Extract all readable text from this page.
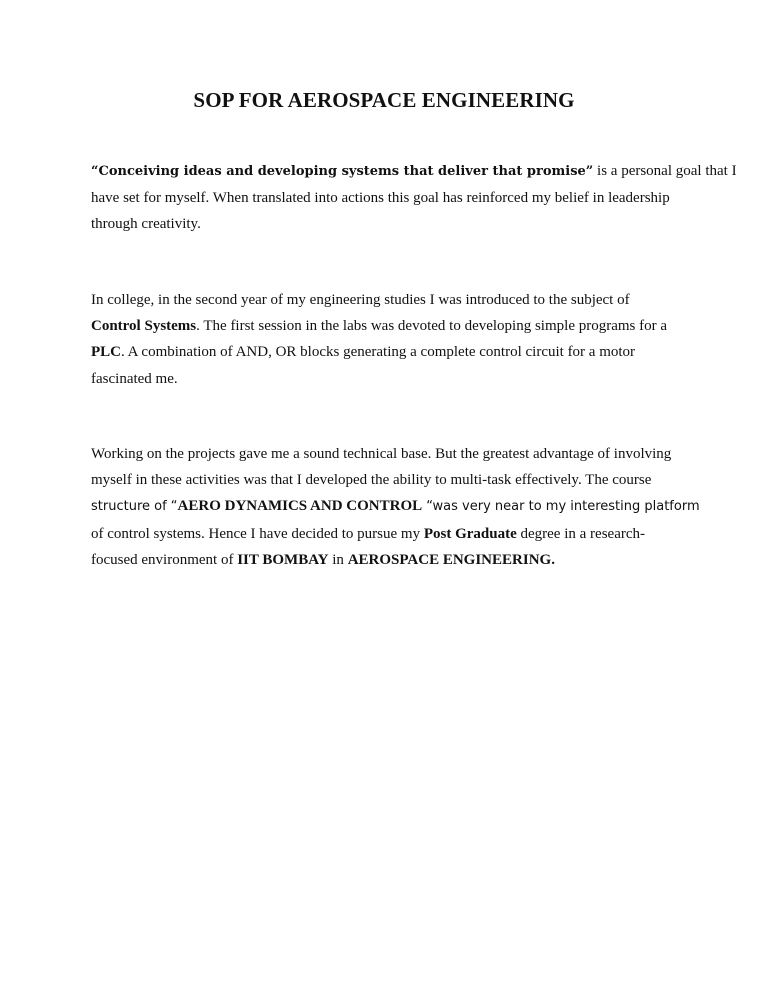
SOP FOR AEROSPACE ENGINEERING
“Conceiving ideas and developing systems that deliver that promise” is a personal goal that I
have set for myself. When translated into actions this goal has reinforced my belief in leadership
through creativity.
In college, in the second year of my engineering studies I was introduced to the subject of
Control Systems. The first session in the labs was devoted to developing simple programs for a
PLC. A combination of AND, OR blocks generating a complete control circuit for a motor
fascinated me.
Working on the projects gave me a sound technical base. But the greatest advantage of involving
myself in these activities was that I developed the ability to multi-task effectively. The course
structure of “AERO DYNAMICS AND CONTROL “was very near to my interesting platform
of control systems. Hence I have decided to pursue my Post Graduate degree in a research-
focused environment of IIT BOMBAY in AEROSPACE ENGINEERING.
